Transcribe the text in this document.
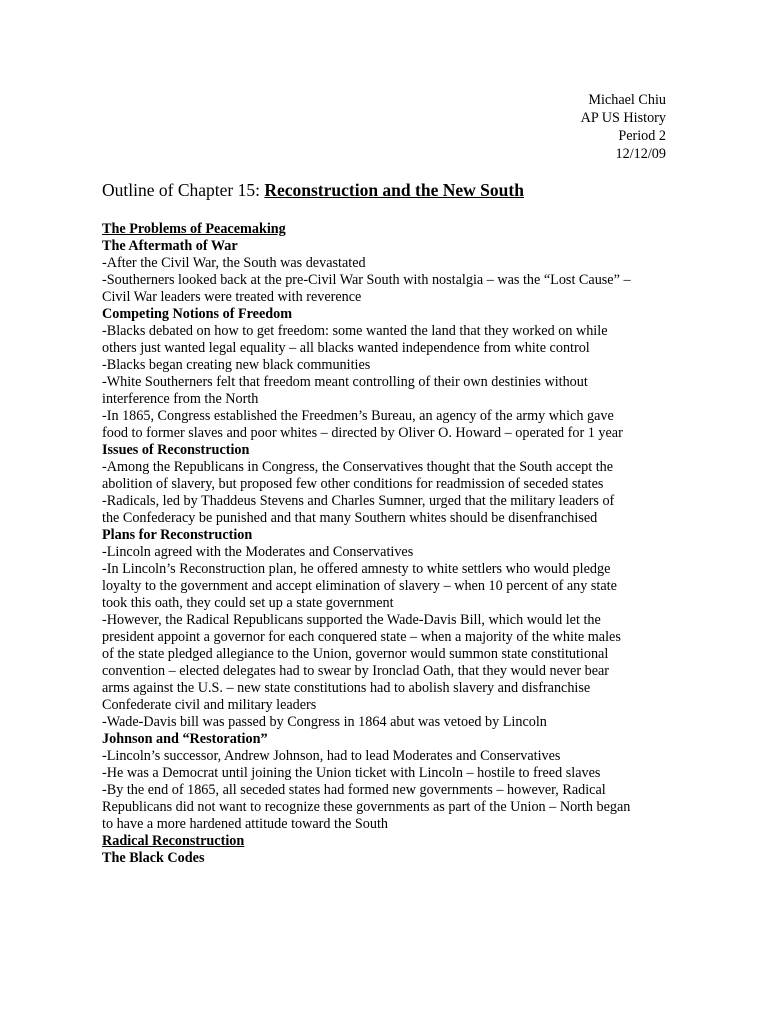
Michael Chiu
AP US History
Period 2
12/12/09
Outline of Chapter 15: Reconstruction and the New South
The Problems of Peacemaking
The Aftermath of War
-After the Civil War, the South was devastated
-Southerners looked back at the pre-Civil War South with nostalgia – was the “Lost Cause” –
Civil War leaders were treated with reverence
Competing Notions of Freedom
-Blacks debated on how to get freedom: some wanted the land that they worked on while
others just wanted legal equality – all blacks wanted independence from white control
-Blacks began creating new black communities
-White Southerners felt that freedom meant controlling of their own destinies without
interference from the North
-In 1865, Congress established the Freedmen’s Bureau, an agency of the army which gave
food to former slaves and poor whites – directed by Oliver O. Howard – operated for 1 year
Issues of Reconstruction
-Among the Republicans in Congress, the Conservatives thought that the South accept the
abolition of slavery, but proposed few other conditions for readmission of seceded states
-Radicals, led by Thaddeus Stevens and Charles Sumner, urged that the military leaders of
the Confederacy be punished and that many Southern whites should be disenfranchised
Plans for Reconstruction
-Lincoln agreed with the Moderates and Conservatives
-In Lincoln’s Reconstruction plan, he offered amnesty to white settlers who would pledge
loyalty to the government and accept elimination of slavery – when 10 percent of any state
took this oath, they could set up a state government
-However, the Radical Republicans supported the Wade-Davis Bill, which would let the
president appoint a governor for each conquered state – when a majority of the white males
of the state pledged allegiance to the Union, governor would summon state constitutional
convention – elected delegates had to swear by Ironclad Oath, that they would never bear
arms against the U.S. – new state constitutions had to abolish slavery and disfranchise
Confederate civil and military leaders
-Wade-Davis bill was passed by Congress in 1864 abut was vetoed by Lincoln
Johnson and “Restoration”
-Lincoln’s successor, Andrew Johnson, had to lead Moderates and Conservatives
-He was a Democrat until joining the Union ticket with Lincoln – hostile to freed slaves
-By the end of 1865, all seceded states had formed new governments – however, Radical
Republicans did not want to recognize these governments as part of the Union – North began
to have a more hardened attitude toward the South
Radical Reconstruction
The Black Codes
